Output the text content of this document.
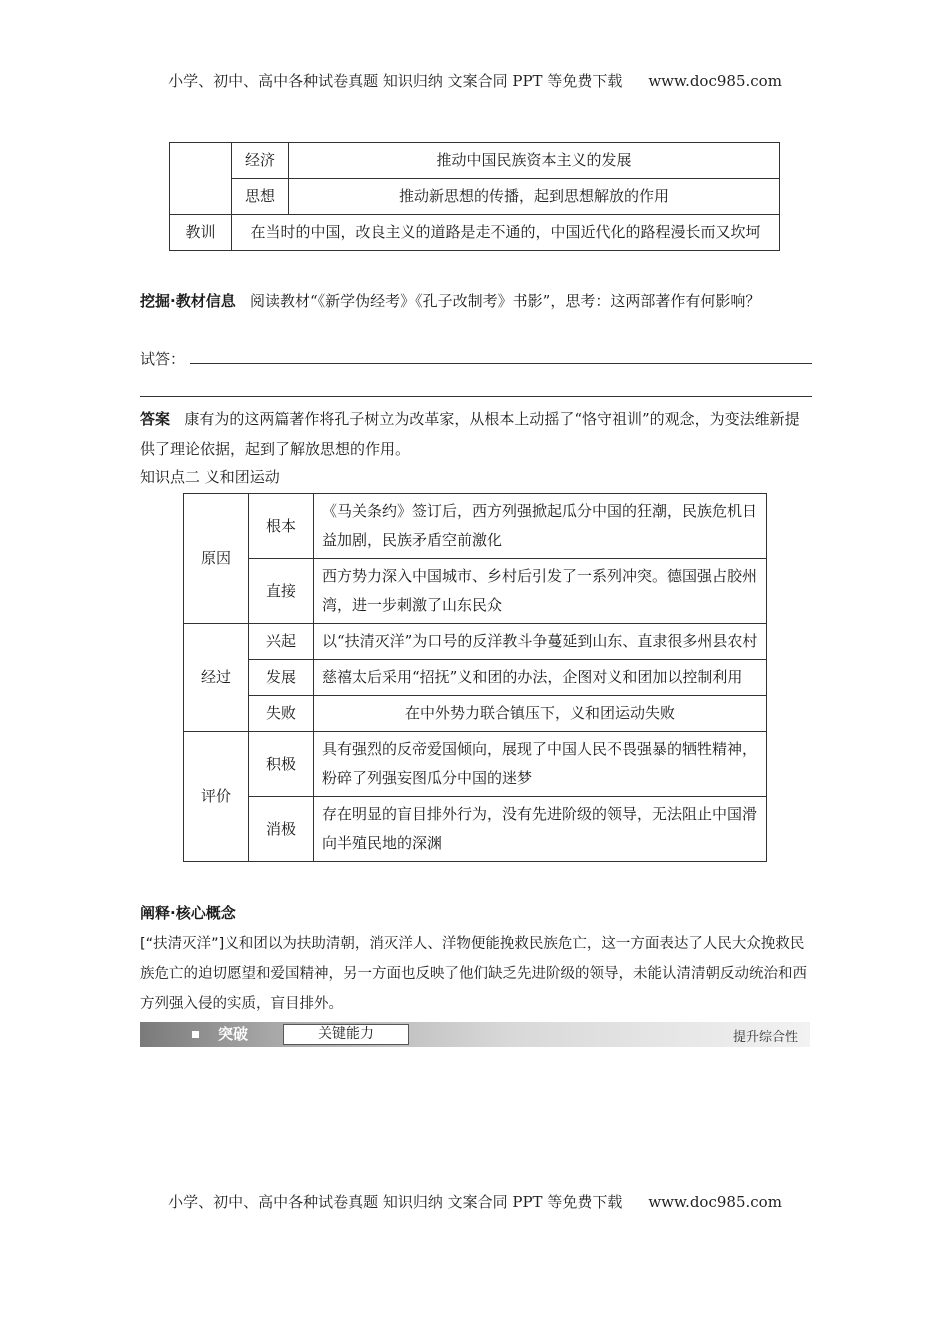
小学、初中、高中各种试卷真题 知识归纳 文案合同 PPT 等免费下载 www.doc985.com
	经济	推动中国民族资本主义的发展
	思想	推动新思想的传播，起到思想解放的作用
教训	在当时的中国，改良主义的道路是走不通的，中国近代化的路程漫长而又坎坷	
挖掘·教材信息 阅读教材“《新学伪经考》《孔子改制考》书影”，思考：这两部著作有何影响？
试答：
答案 康有为的这两篇著作将孔子树立为改革家，从根本上动摇了“恪守祖训”的观念，为变法维新提供了理论依据，起到了解放思想的作用。
知识点二 义和团运动
原因	根本	《马关条约》签订后，西方列强掀起瓜分中国的狂潮，民族危机日益加剧，民族矛盾空前激化
	直接	西方势力深入中国城市、乡村后引发了一系列冲突。德国强占胶州湾，进一步刺激了山东民众
经过	兴起	以“扶清灭洋”为口号的反洋教斗争蔓延到山东、直隶很多州县农村
	发展	慈禧太后采用“招抚”义和团的办法，企图对义和团加以控制利用
	失败	在中外势力联合镇压下，义和团运动失败
评价	积极	具有强烈的反帝爱国倾向，展现了中国人民不畏强暴的牺牲精神，粉碎了列强妄图瓜分中国的迷梦
	消极	存在明显的盲目排外行为，没有先进阶级的领导，无法阻止中国滑向半殖民地的深渊
阐释·核心概念
[“扶清灭洋”]义和团以为扶助清朝，消灭洋人、洋物便能挽救民族危亡，这一方面表达了人民大众挽救民族危亡的迫切愿望和爱国精神，另一方面也反映了他们缺乏先进阶级的领导，未能认清清朝反动统治和西方列强入侵的实质，盲目排外。
突破	关键能力	提升综合性
小学、初中、高中各种试卷真题 知识归纳 文案合同 PPT 等免费下载 www.doc985.com
